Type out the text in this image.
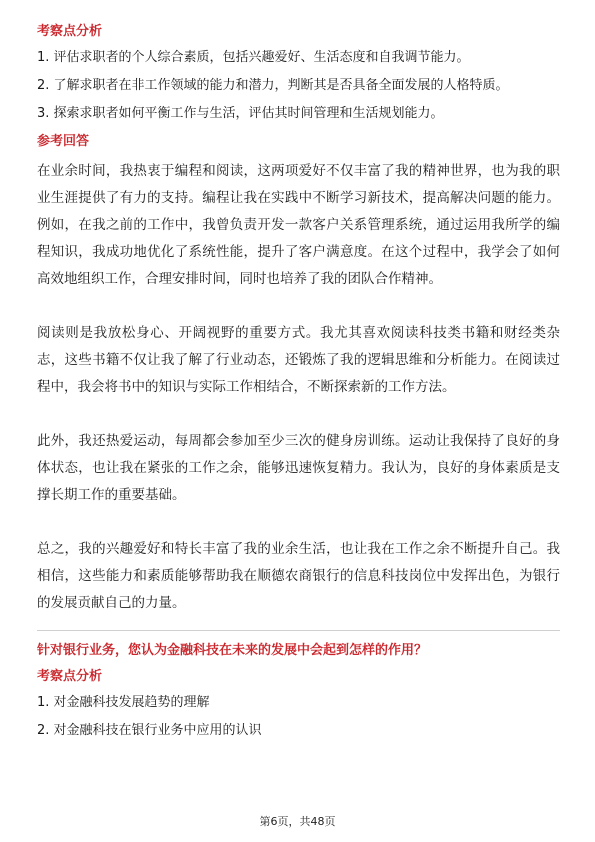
考察点分析
1. 评估求职者的个人综合素质，包括兴趣爱好、生活态度和自我调节能力。
2. 了解求职者在非工作领域的能力和潜力，判断其是否具备全面发展的人格特质。
3. 探索求职者如何平衡工作与生活，评估其时间管理和生活规划能力。
参考回答

在业余时间，我热衷于编程和阅读，这两项爱好不仅丰富了我的精神世界，也为我的职业生涯提供了有力的支持。编程让我在实践中不断学习新技术，提高解决问题的能力。例如，在我之前的工作中，我曾负责开发一款客户关系管理系统，通过运用我所学的编程知识，我成功地优化了系统性能，提升了客户满意度。在这个过程中，我学会了如何高效地组织工作，合理安排时间，同时也培养了我的团队合作精神。

阅读则是我放松身心、开阔视野的重要方式。我尤其喜欢阅读科技类书籍和财经类杂志，这些书籍不仅让我了解了行业动态，还锻炼了我的逻辑思维和分析能力。在阅读过程中，我会将书中的知识与实际工作相结合，不断探索新的工作方法。

此外，我还热爱运动，每周都会参加至少三次的健身房训练。运动让我保持了良好的身体状态，也让我在紧张的工作之余，能够迅速恢复精力。我认为，良好的身体素质是支撑长期工作的重要基础。

总之，我的兴趣爱好和特长丰富了我的业余生活，也让我在工作之余不断提升自己。我相信，这些能力和素质能够帮助我在顺德农商银行的信息科技岗位中发挥出色，为银行的发展贡献自己的力量。

针对银行业务，您认为金融科技在未来的发展中会起到怎样的作用？
考察点分析
1. 对金融科技发展趋势的理解
2. 对金融科技在银行业务中应用的认识
第6页，共48页
